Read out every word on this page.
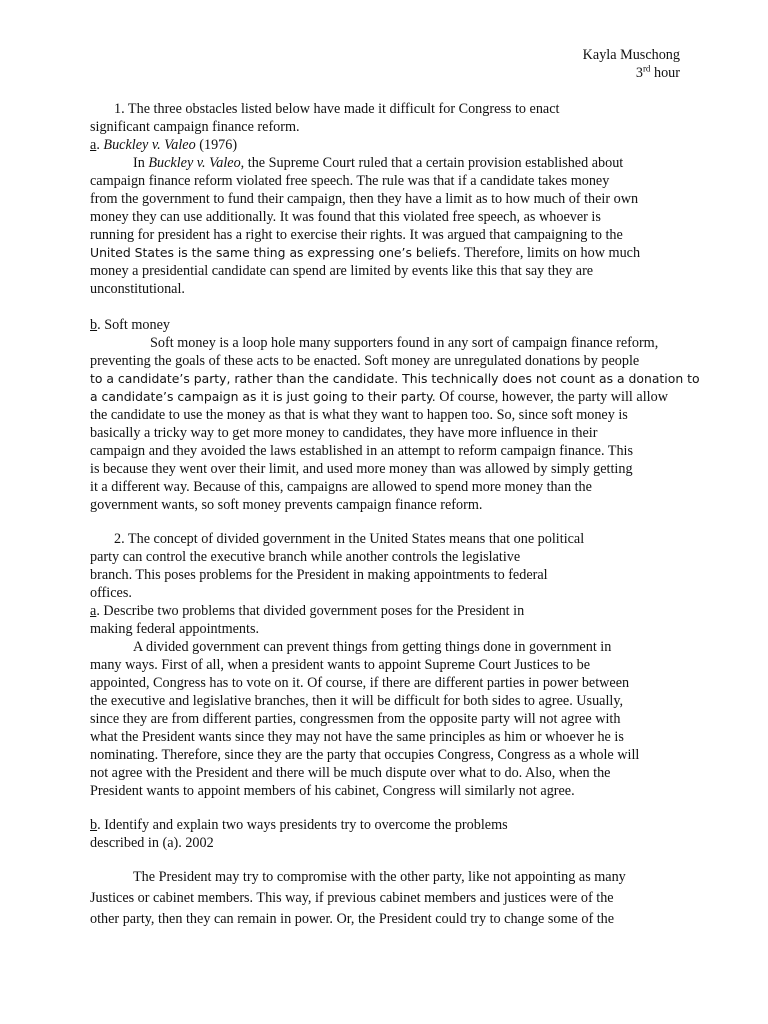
Kayla Muschong
3rd hour
1. The three obstacles listed below have made it difficult for Congress to enact
significant campaign finance reform.
a. Buckley v. Valeo (1976)
In Buckley v. Valeo, the Supreme Court ruled that a certain provision established about
campaign finance reform violated free speech. The rule was that if a candidate takes money
from the government to fund their campaign, then they have a limit as to how much of their own
money they can use additionally. It was found that this violated free speech, as whoever is
running for president has a right to exercise their rights. It was argued that campaigning to the
United States is the same thing as expressing one’s beliefs. Therefore, limits on how much
money a presidential candidate can spend are limited by events like this that say they are
unconstitutional.
b. Soft money
Soft money is a loop hole many supporters found in any sort of campaign finance reform,
preventing the goals of these acts to be enacted. Soft money are unregulated donations by people
to a candidate’s party, rather than the candidate. This technically does not count as a donation to
a candidate’s campaign as it is just going to their party. Of course, however, the party will allow
the candidate to use the money as that is what they want to happen too. So, since soft money is
basically a tricky way to get more money to candidates, they have more influence in their
campaign and they avoided the laws established in an attempt to reform campaign finance. This
is because they went over their limit, and used more money than was allowed by simply getting
it a different way. Because of this, campaigns are allowed to spend more money than the
government wants, so soft money prevents campaign finance reform.
2. The concept of divided government in the United States means that one political
party can control the executive branch while another controls the legislative
branch. This poses problems for the President in making appointments to federal
offices.
a. Describe two problems that divided government poses for the President in
making federal appointments.
A divided government can prevent things from getting things done in government in
many ways. First of all, when a president wants to appoint Supreme Court Justices to be
appointed, Congress has to vote on it. Of course, if there are different parties in power between
the executive and legislative branches, then it will be difficult for both sides to agree. Usually,
since they are from different parties, congressmen from the opposite party will not agree with
what the President wants since they may not have the same principles as him or whoever he is
nominating. Therefore, since they are the party that occupies Congress, Congress as a whole will
not agree with the President and there will be much dispute over what to do. Also, when the
President wants to appoint members of his cabinet, Congress will similarly not agree.
b. Identify and explain two ways presidents try to overcome the problems
described in (a). 2002
The President may try to compromise with the other party, like not appointing as many
Justices or cabinet members. This way, if previous cabinet members and justices were of the
other party, then they can remain in power. Or, the President could try to change some of the
